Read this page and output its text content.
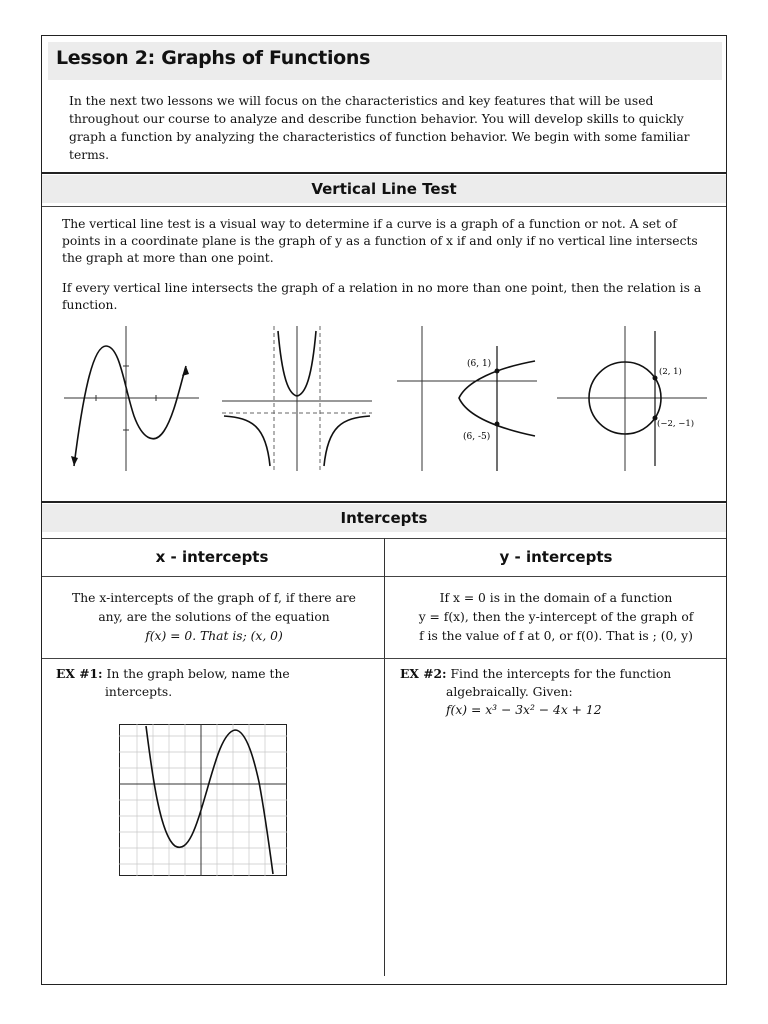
Lesson 2: Graphs of Functions
In the next two lessons we will focus on the characteristics and key features that will be used throughout our course to analyze and describe function behavior. You will develop skills to quickly graph a function by analyzing the characteristics of function behavior. We begin with some familiar terms.
Vertical Line Test
The vertical line test is a visual way to determine if a curve is a graph of a function or not. A set of points in a coordinate plane is the graph of y as a function of x if and only if no vertical line intersects the graph at more than one point.
If every vertical line intersects the graph of a relation in no more than one point, then the relation is a function.
(6, 1)
(6, -5)
(2, 1)
(−2, −1)
Intercepts
x - intercepts	y - intercepts
The x-intercepts of the graph of f, if there are
any, are the solutions of the equation
f(x) = 0. That is; (x, 0)
If x = 0 is in the domain of a function
y = f(x), then the y-intercept of the graph of
f is the value of f at 0, or f(0). That is ; (0, y)
EX #1: In the graph below, name the
intercepts.
EX #2: Find the intercepts for the function
algebraically. Given:
f(x) = x³ − 3x² − 4x + 12
